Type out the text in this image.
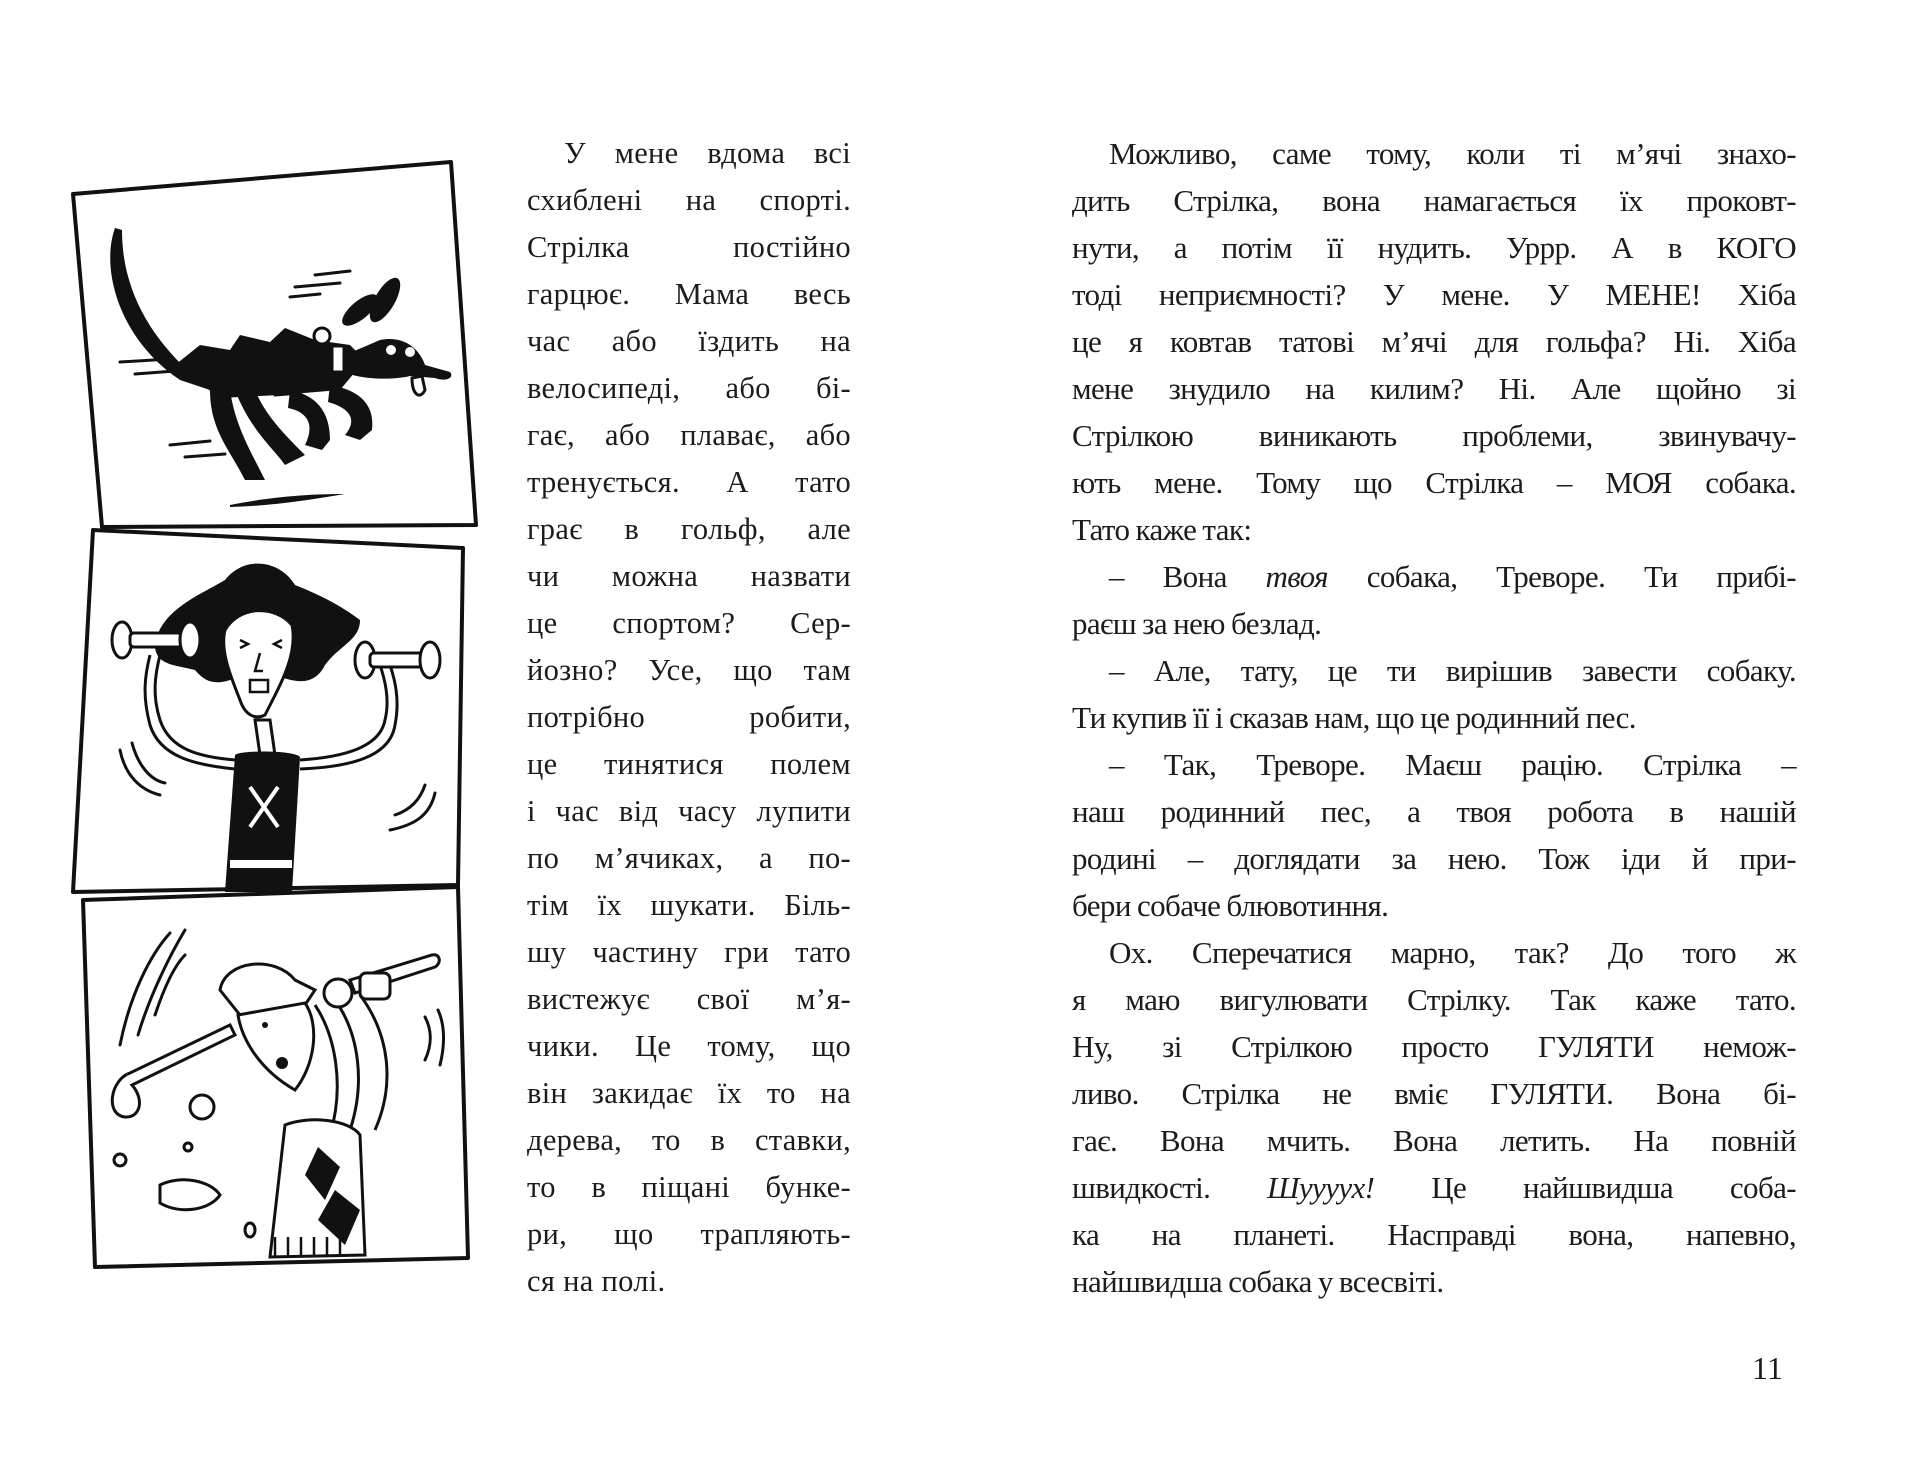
У мене вдома всі
схиблені на спорті.
Стрілка постійно
гарцює. Мама весь
час або їздить на
велосипеді, або бі-
гає, або плаває, або
тренується. А тато
грає в гольф, але
чи можна назвати
це спортом? Сер-
йозно? Усе, що там
потрібно робити,
це тинятися полем
і час від часу лупити
по м’ячиках, а по-
тім їх шукати. Біль-
шу частину гри тато
вистежує свої м’я-
чики. Це тому, що
він закидає їх то на
дерева, то в ставки,
то в піщані бунке-
ри, що трапляють-
ся на полі.
Можливо, саме тому, коли ті м’ячі знахо-
дить Стрілка, вона намагається їх проковт-
нути, а потім її нудить. Уррр. А в КОГО
тоді неприємності? У мене. У МЕНЕ! Хіба
це я ковтав татові м’ячі для гольфа? Ні. Хіба
мене знудило на килим? Ні. Але щойно зі
Стрілкою виникають проблеми, звинувачу-
ють мене. Тому що Стрілка – МОЯ собака.
Тато каже так:
– Вона твоя собака, Треворе. Ти прибі-
раєш за нею безлад.
– Але, тату, це ти вирішив завести собаку.
Ти купив її і сказав нам, що це родинний пес.
– Так, Треворе. Маєш рацію. Стрілка –
наш родинний пес, а твоя робота в нашій
родині – доглядати за нею. Тож іди й при-
бери собаче блювотиння.
Ох. Сперечатися марно, так? До того ж
я маю вигулювати Стрілку. Так каже тато.
Ну, зі Стрілкою просто ГУЛЯТИ немож-
ливо. Стрілка не вміє ГУЛЯТИ. Вона бі-
гає. Вона мчить. Вона летить. На повній
швидкості. Шууууx! Це найшвидша соба-
ка на планеті. Насправді вона, напевно,
найшвидша собака у всесвіті.
11
